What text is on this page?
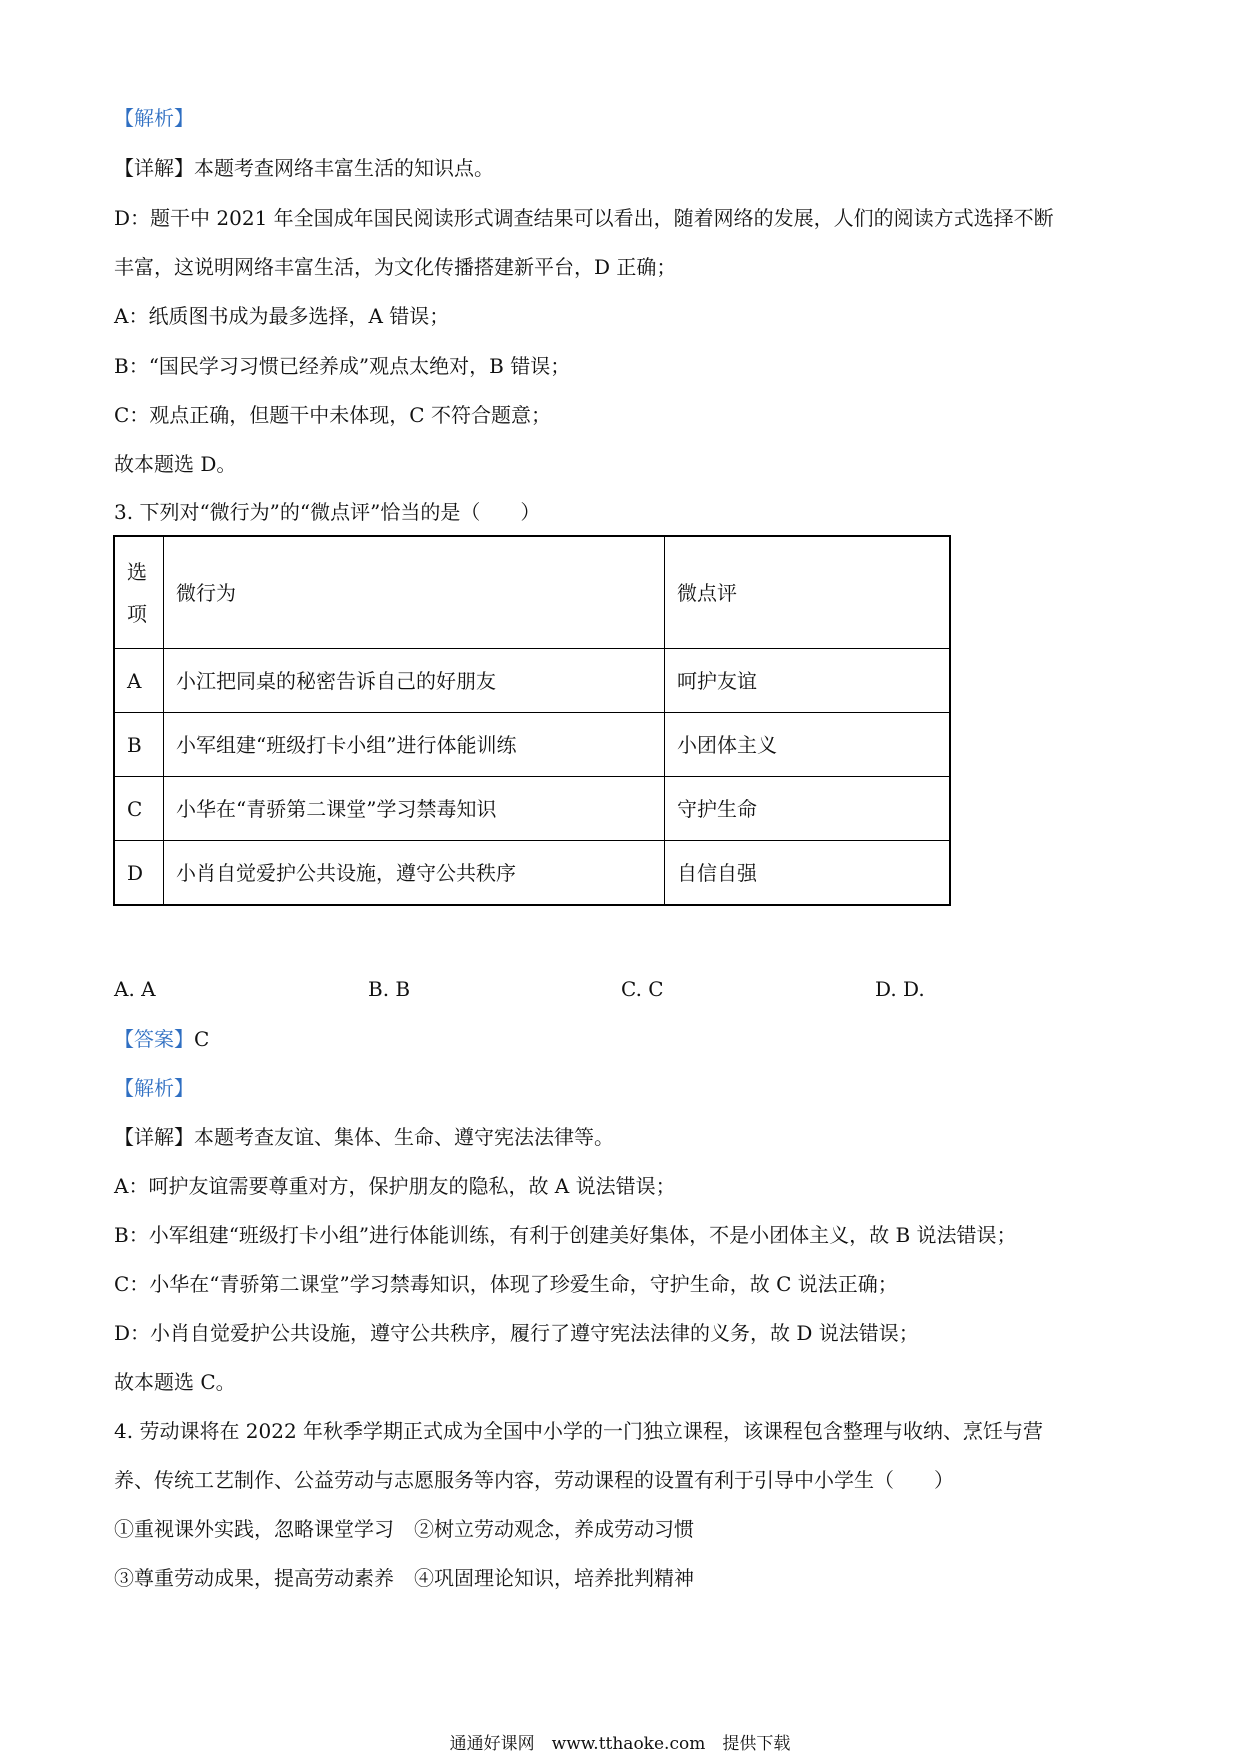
【解析】
【详解】本题考查网络丰富生活的知识点。
D：题干中 2021 年全国成年国民阅读形式调查结果可以看出，随着网络的发展，人们的阅读方式选择不断
丰富，这说明网络丰富生活，为文化传播搭建新平台，D 正确；
A：纸质图书成为最多选择，A 错误；
B：“国民学习习惯已经养成”观点太绝对，B 错误；
C：观点正确，但题干中未体现，C 不符合题意；
故本题选 D。
3. 下列对“微行为”的“微点评”恰当的是（　　）
选
项	微行为	微点评
A	小江把同桌的秘密告诉自己的好朋友	呵护友谊
B	小军组建“班级打卡小组”进行体能训练	小团体主义
C	小华在“青骄第二课堂”学习禁毒知识	守护生命
D	小肖自觉爱护公共设施，遵守公共秩序	自信自强
A. A	B. B	C. C	D. D.
【答案】C
【解析】
【详解】本题考查友谊、集体、生命、遵守宪法法律等。
A：呵护友谊需要尊重对方，保护朋友的隐私，故 A 说法错误；
B：小军组建“班级打卡小组”进行体能训练，有利于创建美好集体，不是小团体主义，故 B 说法错误；
C：小华在“青骄第二课堂”学习禁毒知识，体现了珍爱生命，守护生命，故 C 说法正确；
D：小肖自觉爱护公共设施，遵守公共秩序，履行了遵守宪法法律的义务，故 D 说法错误；
故本题选 C。
4. 劳动课将在 2022 年秋季学期正式成为全国中小学的一门独立课程，该课程包含整理与收纳、烹饪与营
养、传统工艺制作、公益劳动与志愿服务等内容，劳动课程的设置有利于引导中小学生（　　）
①重视课外实践，忽略课堂学习　②树立劳动观念，养成劳动习惯
③尊重劳动成果，提高劳动素养　④巩固理论知识，培养批判精神
通通好课网　www.tthaoke.com　提供下载
